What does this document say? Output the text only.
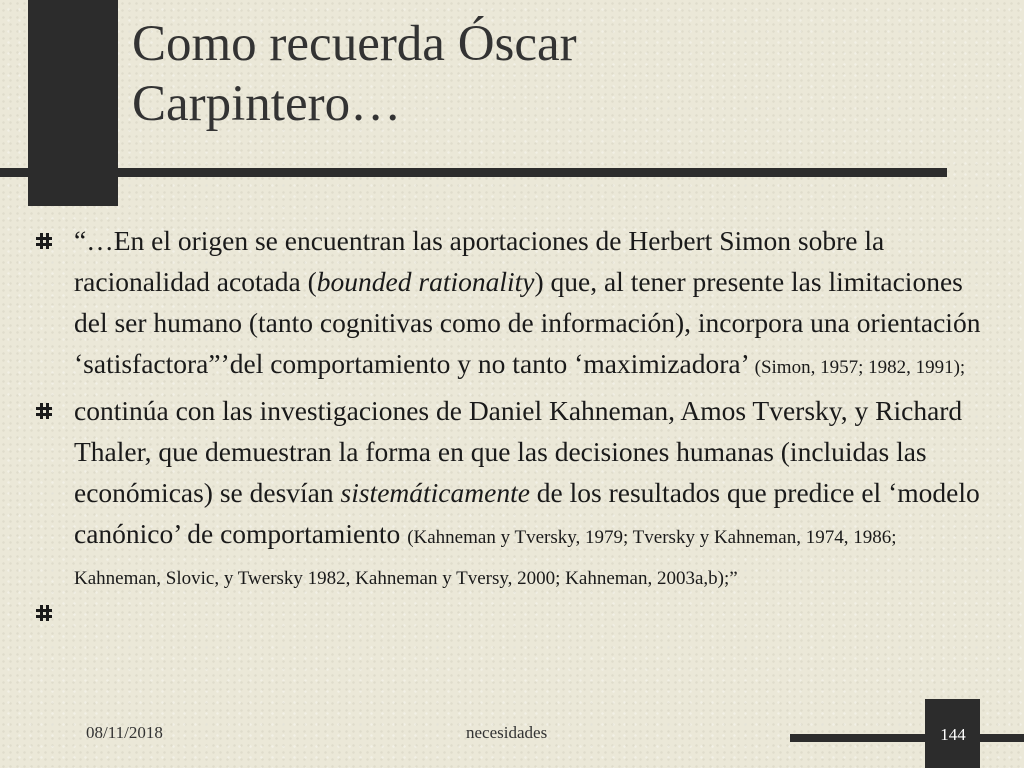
Como recuerda Óscar
Carpintero…
“…En el origen se encuentran las aportaciones de Herbert Simon sobre la racionalidad acotada (bounded rationality) que, al tener presente las limitaciones del ser humano (tanto cognitivas como de información), incorpora una orientación ‘satisfactora”’del comportamiento y no tanto ‘maximizadora’ (Simon, 1957; 1982, 1991);
continúa con las investigaciones de Daniel Kahneman, Amos Tversky, y Richard Thaler, que demuestran la forma en que las decisiones humanas (incluidas las económicas) se desvían sistemáticamente de los resultados que predice el ‘modelo canónico’ de comportamiento (Kahneman y Tversky, 1979; Tversky y Kahneman, 1974, 1986; Kahneman, Slovic, y Twersky 1982, Kahneman y Tversy, 2000; Kahneman, 2003a,b);”
08/11/2018	necesidades	144
